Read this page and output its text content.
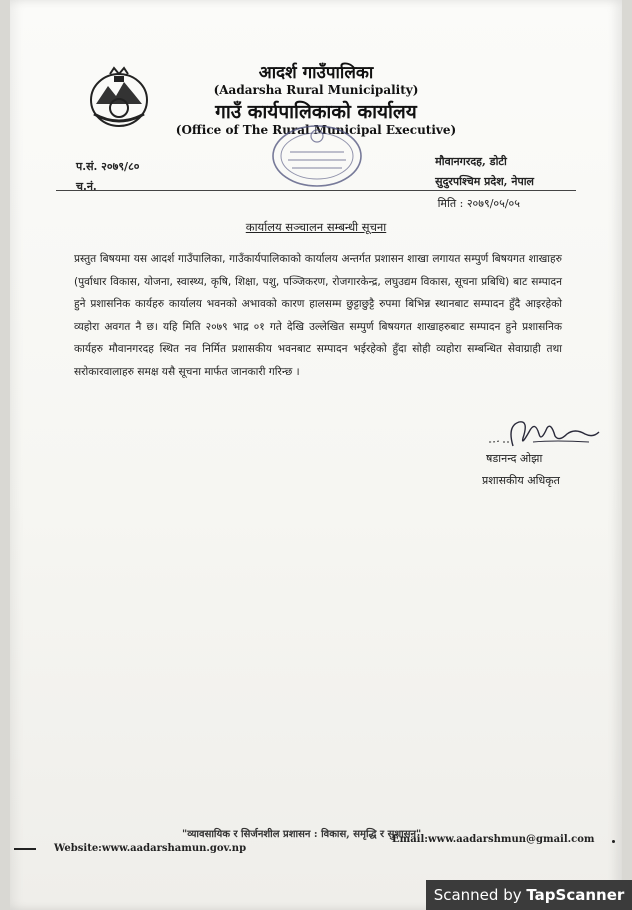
आदर्श गाउँपालिका
(Aadarsha Rural Municipality)
गाउँ कार्यपालिकाको कार्यालय
(Office of The Rural Municipal Executive)
प.सं. २०७९/८०
च.नं.
मौवानगरदह, डोटी
सुदुरपश्चिम प्रदेश, नेपाल
मिति : २०७९/०५/०५
कार्यालय सञ्चालन सम्बन्धी सूचना
प्रस्तुत बिषयमा यस आदर्श गाउँपालिका, गाउँकार्यपालिकाको कार्यालय अन्तर्गत प्रशासन शाखा लगायत सम्पुर्ण बिषयगत शाखाहरु (पुर्वाधार विकास, योजना, स्वास्थ्य, कृषि, शिक्षा, पशु, पञ्जिकरण, रोजगारकेन्द्र, लघुउद्यम विकास, सूचना प्रबिधि) बाट सम्पादन हुने प्रशासनिक कार्यहरु कार्यालय भवनको अभावको कारण हालसम्म छुट्टाछुट्टै रुपमा बिभिन्न स्थानबाट सम्पादन हुँदै आइरहेको व्यहोरा अवगत नै छ। यहि मिति २०७९ भाद्र ०१ गते देखि उल्लेखित सम्पुर्ण बिषयगत शाखाहरुबाट सम्पादन हुने प्रशासनिक कार्यहरु मौवानगरदह स्थित नव निर्मित प्रशासकीय भवनबाट सम्पादन भईरहेको हुँदा सोही व्यहोरा सम्बन्धित सेवाग्राही तथा सरोकारवालाहरु समक्ष यसै सूचना मार्फत जानकारी गरिन्छ ।
षडानन्द ओझा
प्रशासकीय अधिकृत
"व्यावसायिक र सिर्जनशील प्रशासन : विकास, समृद्धि र सुशासन"
Website:www.aadarshamun.gov.np
Email:www.aadarshmun@gmail.com
Scanned by TapScanner
